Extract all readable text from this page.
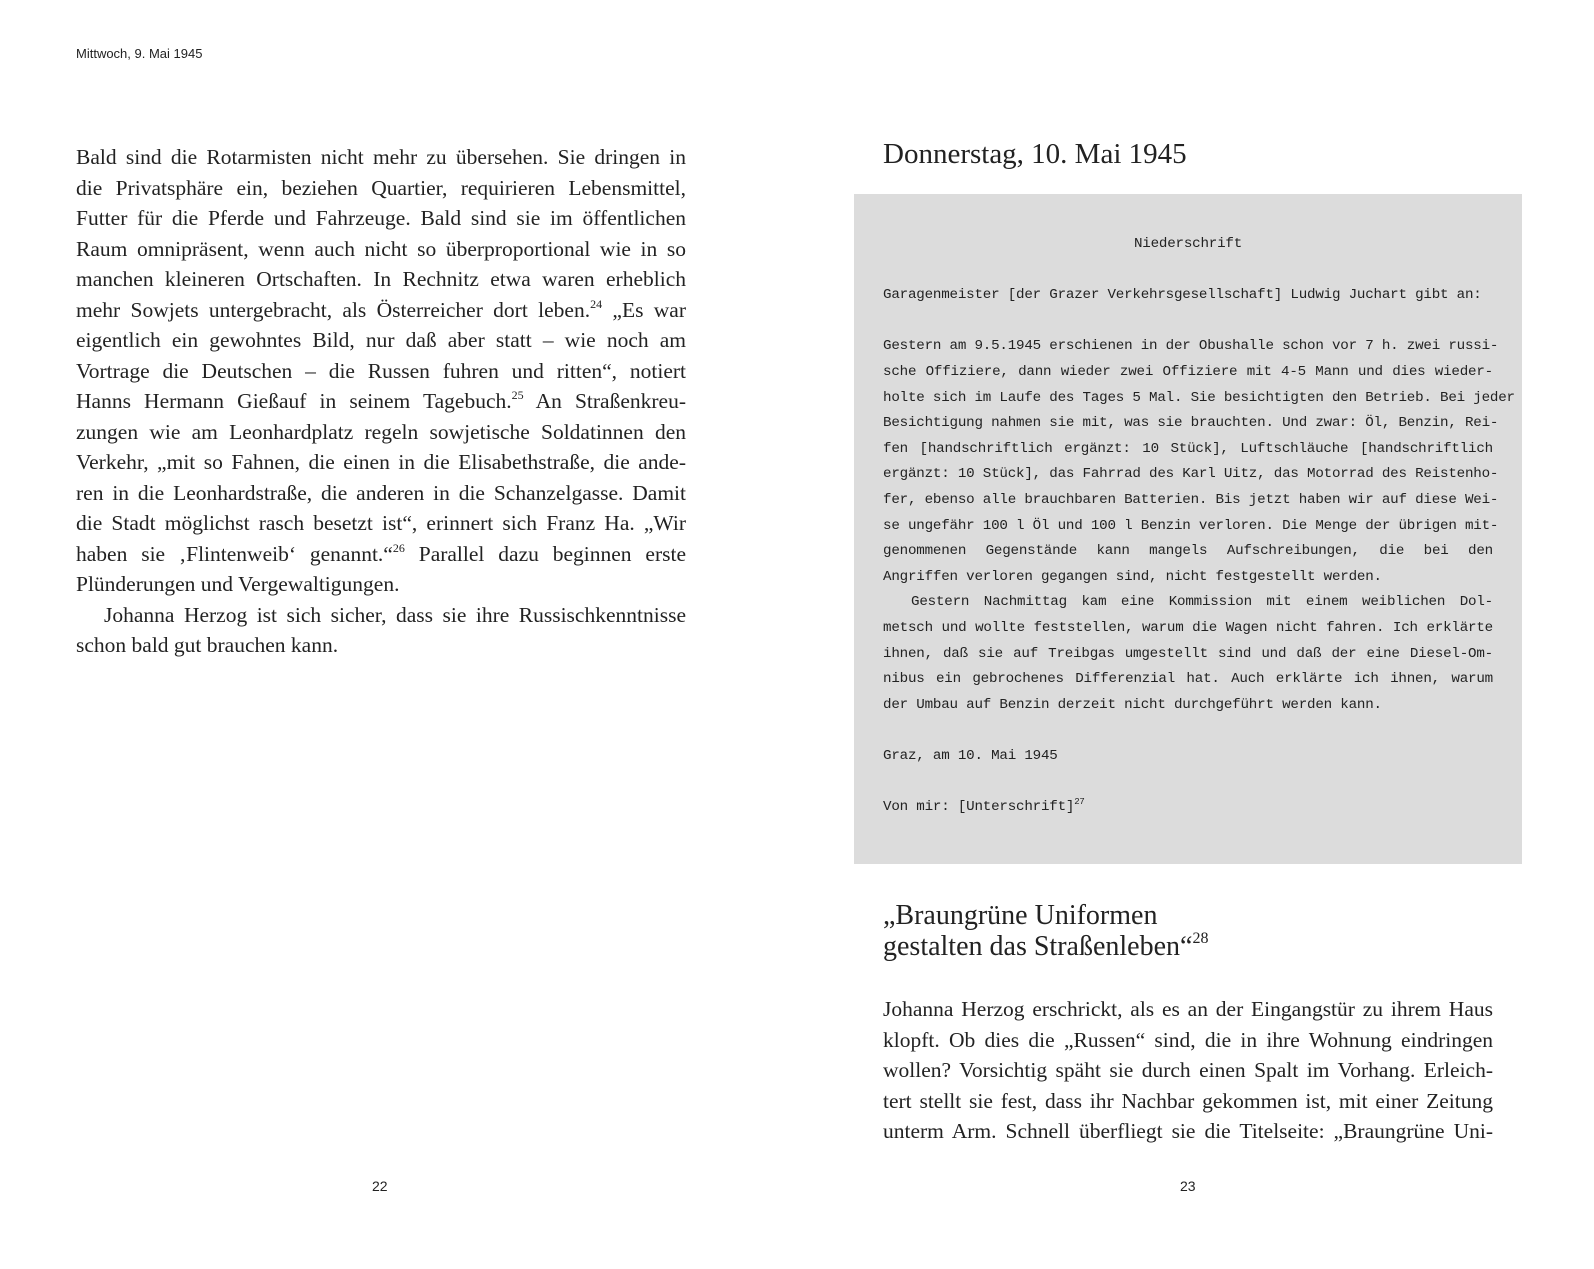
Mittwoch, 9. Mai 1945
Bald sind die Rotarmisten nicht mehr zu übersehen. Sie dringen in
die Privatsphäre ein, beziehen Quartier, requirieren Lebensmittel,
Futter für die Pferde und Fahrzeuge. Bald sind sie im öffentlichen
Raum omnipräsent, wenn auch nicht so überproportional wie in so
manchen kleineren Ortschaften. In Rechnitz etwa waren erheblich
mehr Sowjets untergebracht, als Österreicher dort leben.$^{24}$ „Es war
eigentlich ein gewohntes Bild, nur daß aber statt – wie noch am
Vortrage die Deutschen – die Russen fuhren und ritten“, notiert
Hanns Hermann Gießauf in seinem Tagebuch.$^{25}$ An Straßenkreu-
zungen wie am Leonhardplatz regeln sowjetische Soldatinnen den
Verkehr, „mit so Fahnen, die einen in die Elisabethstraße, die ande-
ren in die Leonhardstraße, die anderen in die Schanzelgasse. Damit
die Stadt möglichst rasch besetzt ist“, erinnert sich Franz Ha. „Wir
haben sie ‚Flintenweib‘ genannt.“$^{26}$ Parallel dazu beginnen erste
Plünderungen und Vergewaltigungen.
Johanna Herzog ist sich sicher, dass sie ihre Russischkenntnisse
schon bald gut brauchen kann.
Donnerstag, 10. Mai 1945
Niederschrift
Garagenmeister [der Grazer Verkehrsgesellschaft] Ludwig Juchart gibt an:
Gestern am 9.5.1945 erschienen in der Obushalle schon vor 7 h. zwei russi-
sche Offiziere, dann wieder zwei Offiziere mit 4-5 Mann und dies wieder-
holte sich im Laufe des Tages 5 Mal. Sie besichtigten den Betrieb. Bei jeder
Besichtigung nahmen sie mit, was sie brauchten. Und zwar: Öl, Benzin, Rei-
fen [handschriftlich ergänzt: 10 Stück], Luftschläuche [handschriftlich
ergänzt: 10 Stück], das Fahrrad des Karl Uitz, das Motorrad des Reistenho-
fer, ebenso alle brauchbaren Batterien. Bis jetzt haben wir auf diese Wei-
se ungefähr 100 l Öl und 100 l Benzin verloren. Die Menge der übrigen mit-
genommenen Gegenstände kann mangels Aufschreibungen, die bei den
Angriffen verloren gegangen sind, nicht festgestellt werden.
Gestern Nachmittag kam eine Kommission mit einem weiblichen Dol-
metsch und wollte feststellen, warum die Wagen nicht fahren. Ich erklärte
ihnen, daß sie auf Treibgas umgestellt sind und daß der eine Diesel-Om-
nibus ein gebrochenes Differenzial hat. Auch erklärte ich ihnen, warum
der Umbau auf Benzin derzeit nicht durchgeführt werden kann.
Graz, am 10. Mai 1945
Von mir: [Unterschrift]$^{27}$
„Braungrüne Uniformen
gestalten das Straßenleben“$^{28}$
Johanna Herzog erschrickt, als es an der Eingangstür zu ihrem Haus
klopft. Ob dies die „Russen“ sind, die in ihre Wohnung eindringen
wollen? Vorsichtig späht sie durch einen Spalt im Vorhang. Erleich-
tert stellt sie fest, dass ihr Nachbar gekommen ist, mit einer Zeitung
unterm Arm. Schnell überfliegt sie die Titelseite: „Braungrüne Uni-
22	23
